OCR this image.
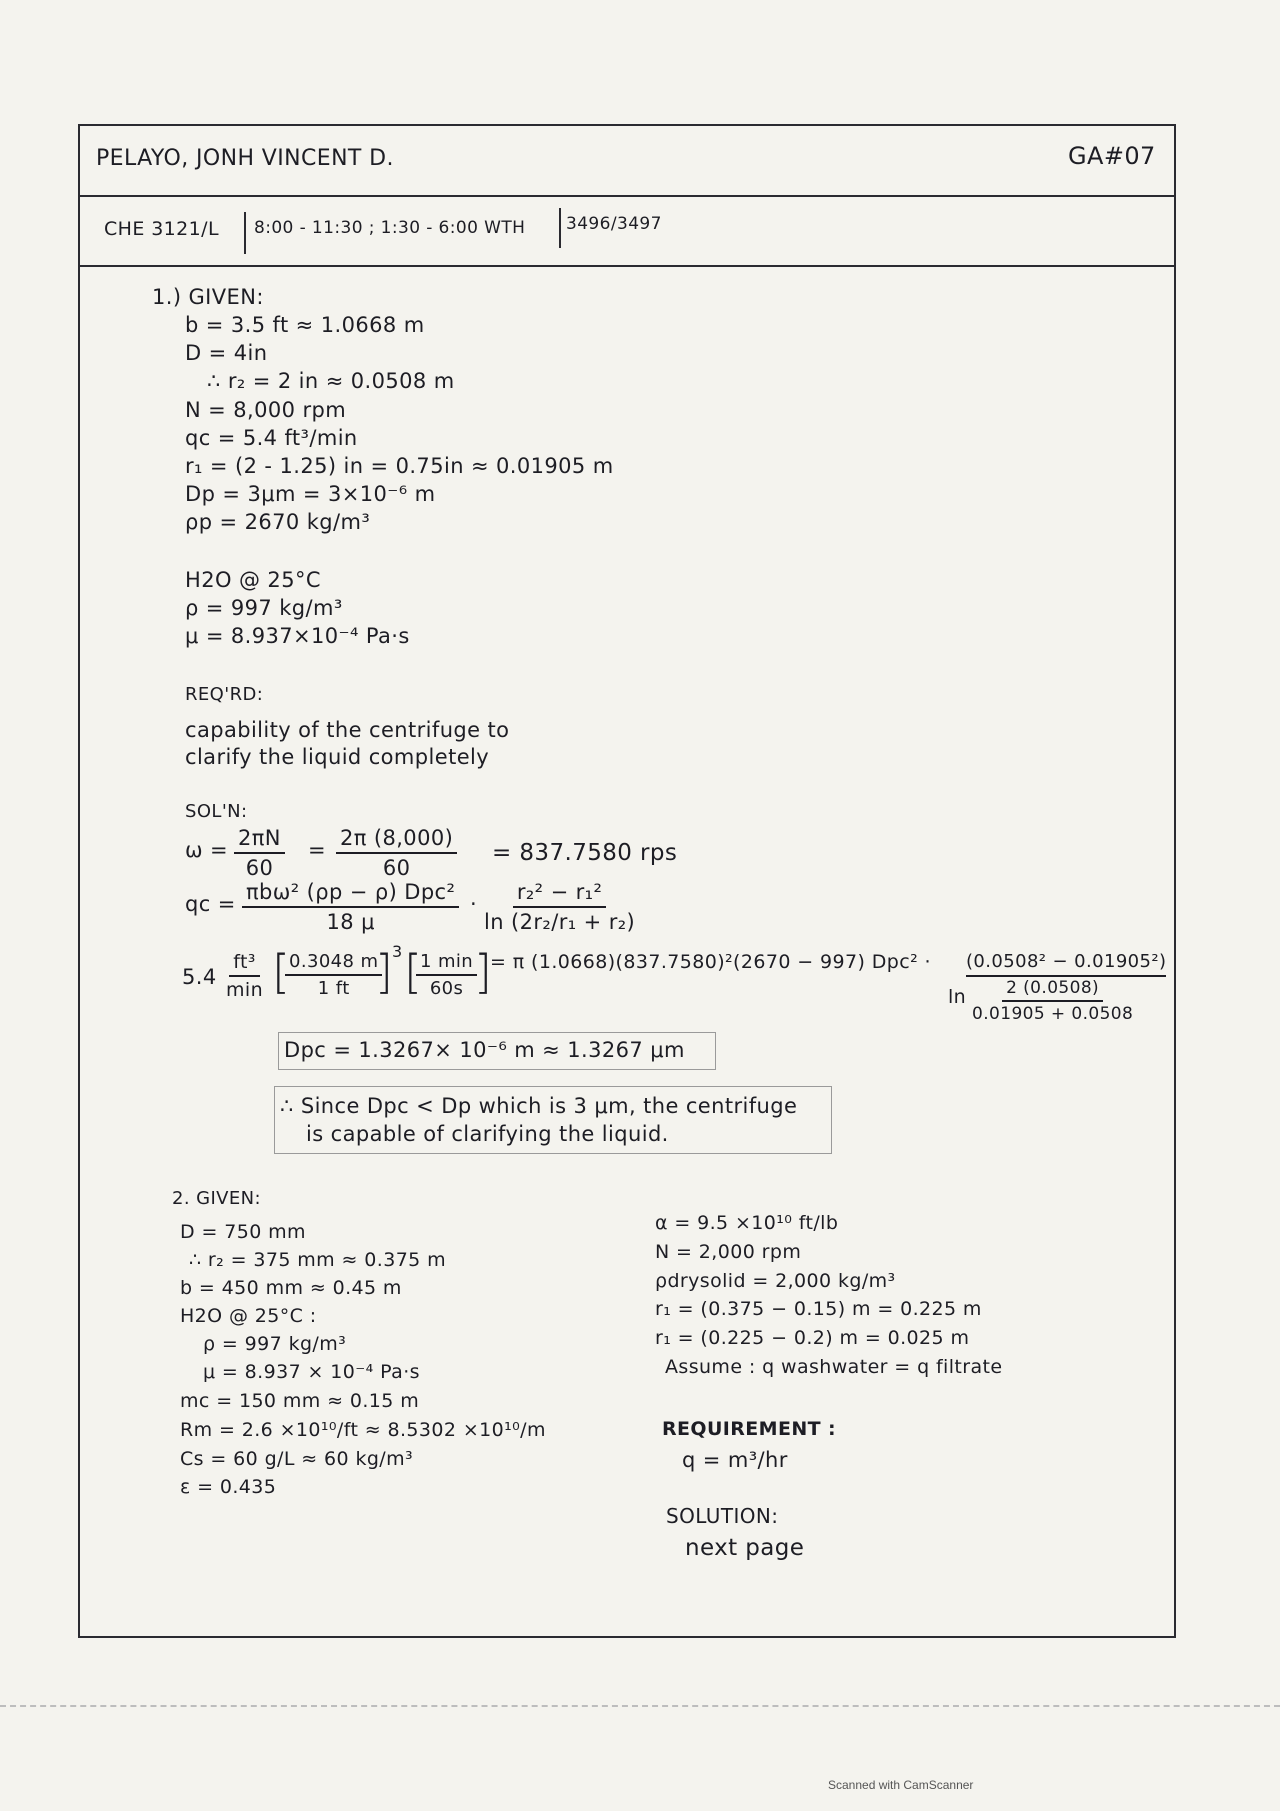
PELAYO, JONH VINCENT D.	GA#07
CHE 3121/L 8:00 - 11:30 ; 1:30 - 6:00 WTH 3496/3497
1.) GIVEN:
b = 3.5 ft ≈ 1.0668 m
D = 4in
∴ r₂ = 2 in ≈ 0.0508 m
N = 8,000 rpm
qc = 5.4 ft³/min
r₁ = (2 - 1.25) in = 0.75in ≈ 0.01905 m
Dp = 3μm = 3×10⁻⁶ m
ρp = 2670 kg/m³
H2O @ 25°C
ρ = 997 kg/m³
μ = 8.937×10⁻⁴ Pa·s
REQ'RD:
capability of the centrifuge to
clarify the liquid completely
SOL'N:
$\omega = \frac{2\pi N}{60} = \frac{2\pi (8,000)}{60} = 837.7580$ rps
qc = πbω² (ρp − ρ) Dpc²
18 μ
· $\frac{\text{r₂² − r₁²}}{\text{ln (2r₂/r₁ + r₂)}}$
5.4
ft³
min [
$\frac{0.3048 m}{1 ft}$
]
3 [
1 min
60s ]
= π (1.0668)(837.7580)²(2670 − 997) Dpc² · (0.0508² − 0.01905²)
$\ln \frac{2 (0.0508)}{0.01905 + 0.0508}$
Dpc = 1.3267× 10⁻⁶ m ≈ 1.3267 μm
∴ Since Dpc < Dp which is 3 μm, the centrifuge
is capable of clarifying the liquid.
2. GIVEN:
D = 750 mm
∴ r₂ = 375 mm ≈ 0.375 m
b = 450 mm ≈ 0.45 m
H2O @ 25°C :
ρ = 997 kg/m³
μ = 8.937 × 10⁻⁴ Pa·s
mc = 150 mm ≈ 0.15 m
Rm = 2.6 ×10¹⁰/ft ≈ 8.5302 ×10¹⁰/m
Cs = 60 g/L ≈ 60 kg/m³
ε = 0.435
α = 9.5 ×10¹⁰ ft/lb
N = 2,000 rpm
ρdrysolid = 2,000 kg/m³
r₁ = (0.375 − 0.15) m = 0.225 m
r₁ = (0.225 − 0.2) m = 0.025 m
Assume : q washwater = q filtrate
REQUIREMENT :
q = m³/hr
SOLUTION:
next page
Scanned with CamScanner
